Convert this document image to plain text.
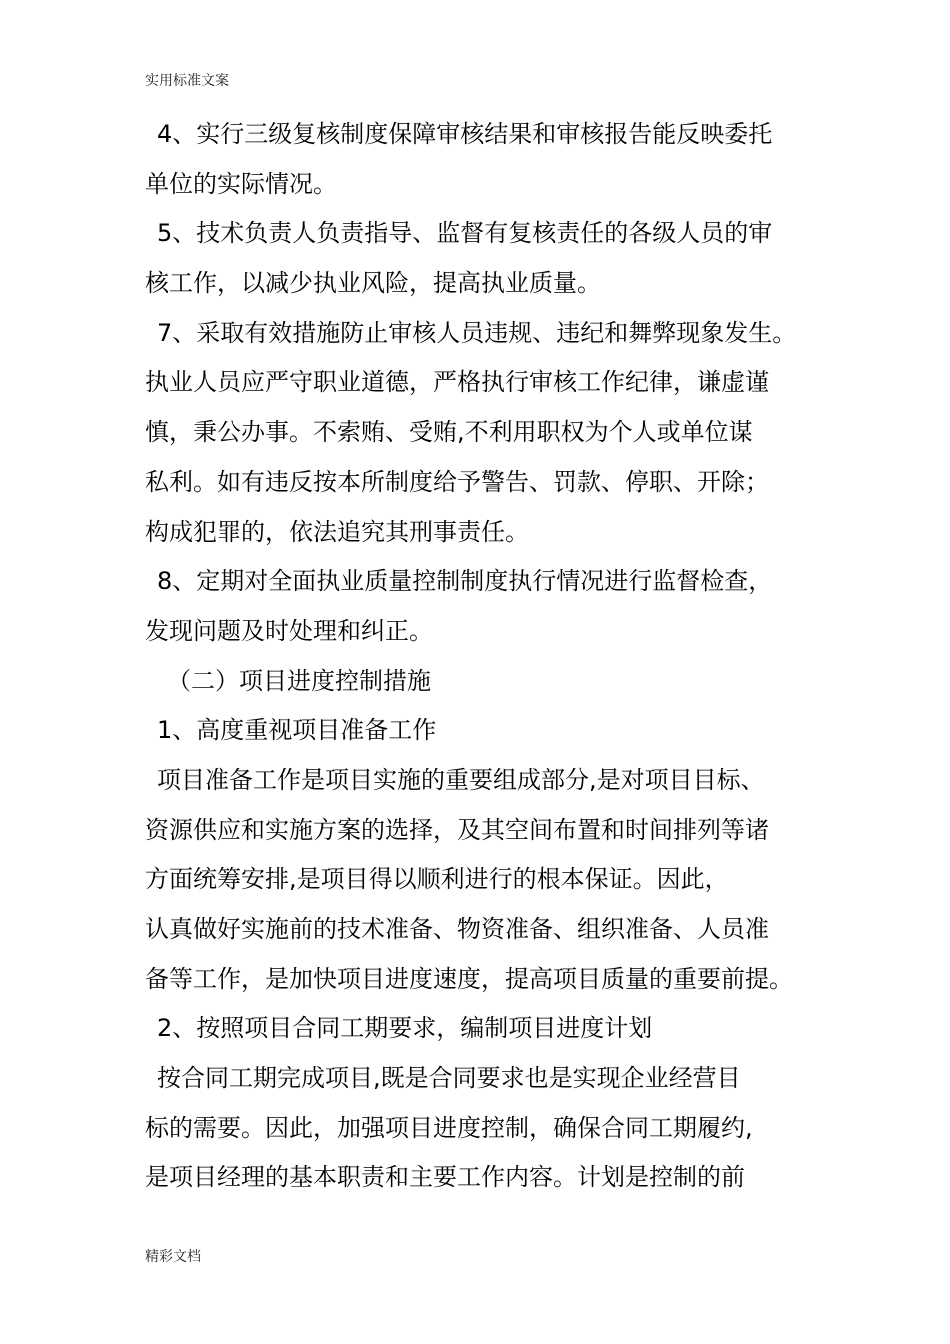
实用标准文案
4、实行三级复核制度保障审核结果和审核报告能反映委托
单位的实际情况。
5、技术负责人负责指导、监督有复核责任的各级人员的审
核工作，以减少执业风险，提高执业质量。
7、采取有效措施防止审核人员违规、违纪和舞弊现象发生。
执业人员应严守职业道德，严格执行审核工作纪律，谦虚谨
慎，秉公办事。不索贿、受贿,不利用职权为个人或单位谋
私利。如有违反按本所制度给予警告、罚款、停职、开除；
构成犯罪的，依法追究其刑事责任。
8、定期对全面执业质量控制制度执行情况进行监督检查，
发现问题及时处理和纠正。
（二）项目进度控制措施
1、高度重视项目准备工作
项目准备工作是项目实施的重要组成部分,是对项目目标、
资源供应和实施方案的选择，及其空间布置和时间排列等诸
方面统筹安排,是项目得以顺利进行的根本保证。因此，
认真做好实施前的技术准备、物资准备、组织准备、人员准
备等工作，是加快项目进度速度，提高项目质量的重要前提。
2、按照项目合同工期要求，编制项目进度计划
按合同工期完成项目,既是合同要求也是实现企业经营目
标的需要。因此，加强项目进度控制，确保合同工期履约,
是项目经理的基本职责和主要工作内容。计划是控制的前
精彩文档
